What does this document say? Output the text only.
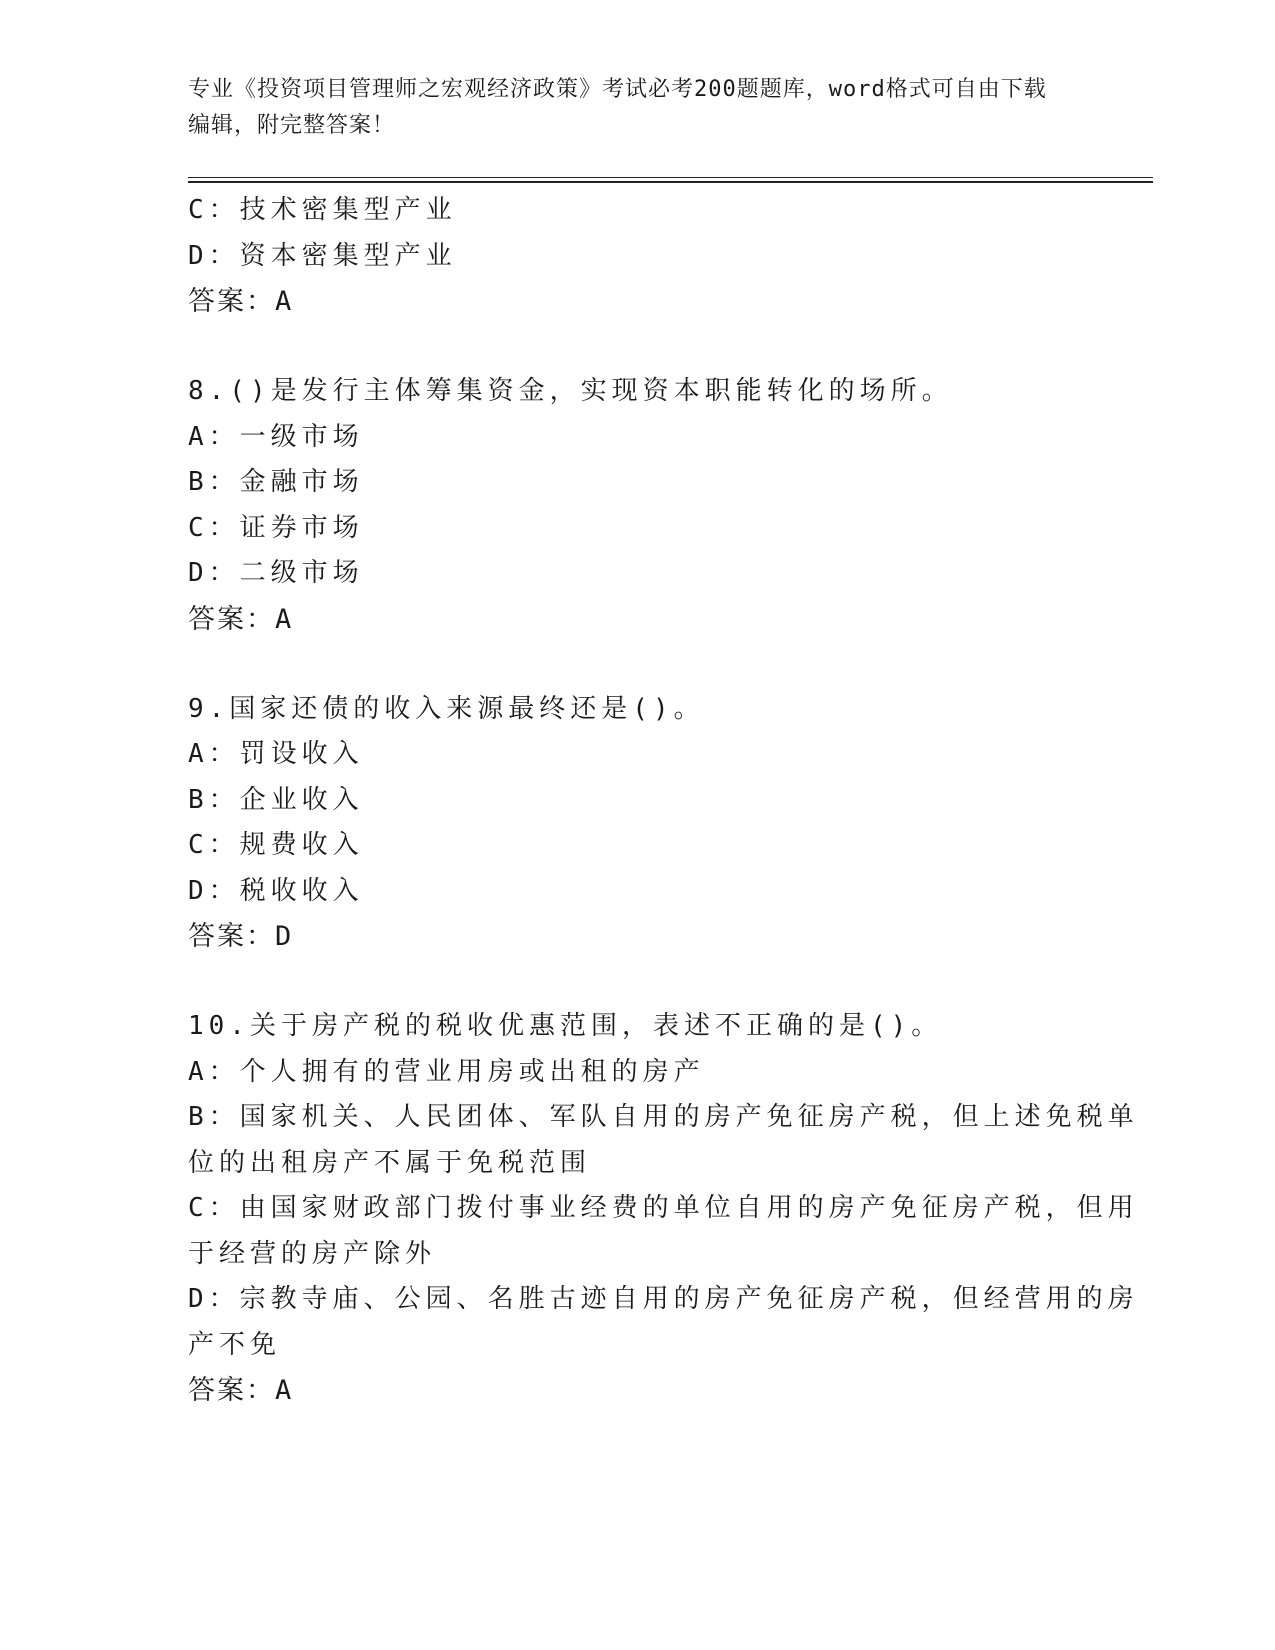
专业《投资项目管理师之宏观经济政策》考试必考200题题库，word格式可自由下载编辑，附完整答案！
C：技术密集型产业
D：资本密集型产业
答案：A
8.()是发行主体筹集资金，实现资本职能转化的场所。
A：一级市场
B：金融市场
C：证券市场
D：二级市场
答案：A
9.国家还债的收入来源最终还是()。
A：罚设收入
B：企业收入
C：规费收入
D：税收收入
答案：D
10.关于房产税的税收优惠范围，表述不正确的是()。
A：个人拥有的营业用房或出租的房产
B：国家机关、人民团体、军队自用的房产免征房产税，但上述免税单
位的出租房产不属于免税范围
C：由国家财政部门拨付事业经费的单位自用的房产免征房产税，但用
于经营的房产除外
D：宗教寺庙、公园、名胜古迹自用的房产免征房产税，但经营用的房
产不免
答案：A
